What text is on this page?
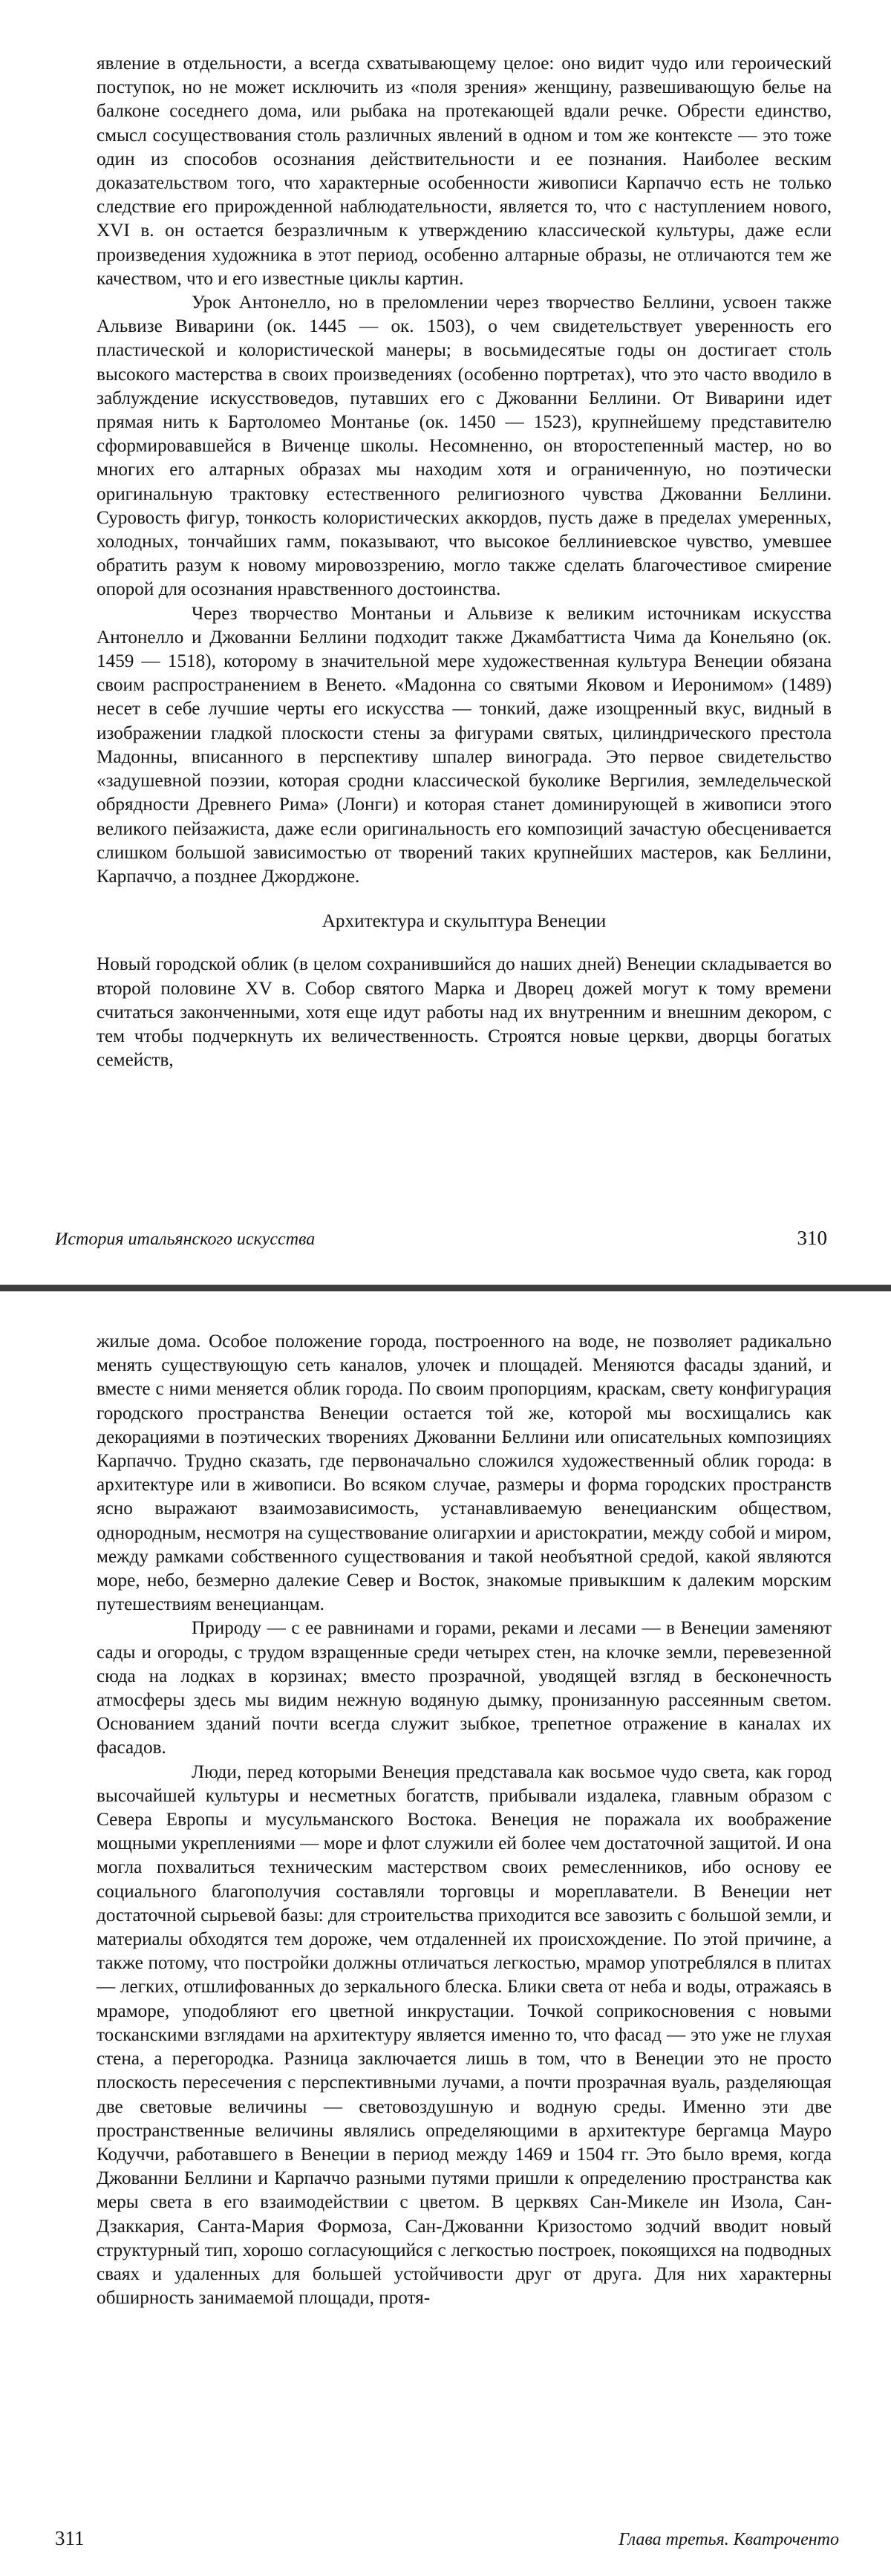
явление в отдельности, а всегда схватывающему целое: оно видит чудо или героический поступок, но не может исключить из «поля зрения» женщину, развешивающую белье на балконе соседнего дома, или рыбака на протекающей вдали речке. Обрести единство, смысл сосуществования столь различных явлений в одном и том же контексте — это тоже один из способов осознания действительности и ее познания. Наиболее веским доказательством того, что характерные особенности живописи Карпаччо есть не только следствие его прирожденной наблюдательности, является то, что с наступлением нового, XVI в. он остается безразличным к утверждению классической культуры, даже если произведения художника в этот период, особенно алтарные образы, не отличаются тем же качеством, что и его известные циклы картин.

Урок Антонелло, но в преломлении через творчество Беллини, усвоен также Альвизе Виварини (ок. 1445 — ок. 1503), о чем свидетельствует уверенность его пластической и колористической манеры; в восьмидесятые годы он достигает столь высокого мастерства в своих произведениях (особенно портретах), что это часто вводило в заблуждение искусствоведов, путавших его с Джованни Беллини. От Виварини идет прямая нить к Бартоломео Монтанье (ок. 1450 — 1523), крупнейшему представителю сформировавшейся в Виченце школы. Несомненно, он второстепенный мастер, но во многих его алтарных образах мы находим хотя и ограниченную, но поэтически оригинальную трактовку естественного религиозного чувства Джованни Беллини. Суровость фигур, тонкость колористических аккордов, пусть даже в пределах умеренных, холодных, тончайших гамм, показывают, что высокое беллиниевское чувство, умевшее обратить разум к новому мировоззрению, могло также сделать благочестивое смирение опорой для осознания нравственного достоинства.

Через творчество Монтаньи и Альвизе к великим источникам искусства Антонелло и Джованни Беллини подходит также Джамбаттиста Чима да Конельяно (ок. 1459 — 1518), которому в значительной мере художественная культура Венеции обязана своим распространением в Венето. «Мадонна со святыми Яковом и Иеронимом» (1489) несет в себе лучшие черты его искусства — тонкий, даже изощренный вкус, видный в изображении гладкой плоскости стены за фигурами святых, цилиндрического престола Мадонны, вписанного в перспективу шпалер винограда. Это первое свидетельство «задушевной поэзии, которая сродни классической буколике Вергилия, земледельческой обрядности Древнего Рима» (Лонги) и которая станет доминирующей в живописи этого великого пейзажиста, даже если оригинальность его композиций зачастую обесценивается слишком большой зависимостью от творений таких крупнейших мастеров, как Беллини, Карпаччо, а позднее Джорджоне.

Архитектура и скульптура Венеции

Новый городской облик (в целом сохранившийся до наших дней) Венеции складывается во второй половине XV в. Собор святого Марка и Дворец дожей могут к тому времени считаться законченными, хотя еще идут работы над их внутренним и внешним декором, с тем чтобы подчеркнуть их величественность. Строятся новые церкви, дворцы богатых семейств,

История итальянского искусства	310

жилые дома. Особое положение города, построенного на воде, не позволяет радикально менять существующую сеть каналов, улочек и площадей. Меняются фасады зданий, и вместе с ними меняется облик города. По своим пропорциям, краскам, свету конфигурация городского пространства Венеции остается той же, которой мы восхищались как декорациями в поэтических творениях Джованни Беллини или описательных композициях Карпаччо. Трудно сказать, где первоначально сложился художественный облик города: в архитектуре или в живописи. Во всяком случае, размеры и форма городских пространств ясно выражают взаимозависимость, устанавливаемую венецианским обществом, однородным, несмотря на существование олигархии и аристократии, между собой и миром, между рамками собственного существования и такой необъятной средой, какой являются море, небо, безмерно далекие Север и Восток, знакомые привыкшим к далеким морским путешествиям венецианцам.

Природу — с ее равнинами и горами, реками и лесами — в Венеции заменяют сады и огороды, с трудом взращенные среди четырех стен, на клочке земли, перевезенной сюда на лодках в корзинах; вместо прозрачной, уводящей взгляд в бесконечность атмосферы здесь мы видим нежную водяную дымку, пронизанную рассеянным светом. Основанием зданий почти всегда служит зыбкое, трепетное отражение в каналах их фасадов.

Люди, перед которыми Венеция представала как восьмое чудо света, как город высочайшей культуры и несметных богатств, прибывали издалека, главным образом с Севера Европы и мусульманского Востока. Венеция не поражала их воображение мощными укреплениями — море и флот служили ей более чем достаточной защитой. И она могла похвалиться техническим мастерством своих ремесленников, ибо основу ее социального благополучия составляли торговцы и мореплаватели. В Венеции нет достаточной сырьевой базы: для строительства приходится все завозить с большой земли, и материалы обходятся тем дороже, чем отдаленней их происхождение. По этой причине, а также потому, что постройки должны отличаться легкостью, мрамор употреблялся в плитах — легких, отшлифованных до зеркального блеска. Блики света от неба и воды, отражаясь в мраморе, уподобляют его цветной инкрустации. Точкой соприкосновения с новыми тосканскими взглядами на архитектуру является именно то, что фасад — это уже не глухая стена, а перегородка. Разница заключается лишь в том, что в Венеции это не просто плоскость пересечения с перспективными лучами, а почти прозрачная вуаль, разделяющая две световые величины — световоздушную и водную среды. Именно эти две пространственные величины являлись определяющими в архитектуре бергамца Мауро Кодуччи, работавшего в Венеции в период между 1469 и 1504 гг. Это было время, когда Джованни Беллини и Карпаччо разными путями пришли к определению пространства как меры света в его взаимодействии с цветом. В церквях Сан-Микеле ин Изола, Сан-Дзаккария, Санта-Мария Формоза, Сан-Джованни Кризостомо зодчий вводит новый структурный тип, хорошо согласующийся с легкостью построек, покоящихся на подводных сваях и удаленных для большей устойчивости друг от друга. Для них характерны обширность занимаемой площади, протя-

311	Глава третья. Кватроченто
